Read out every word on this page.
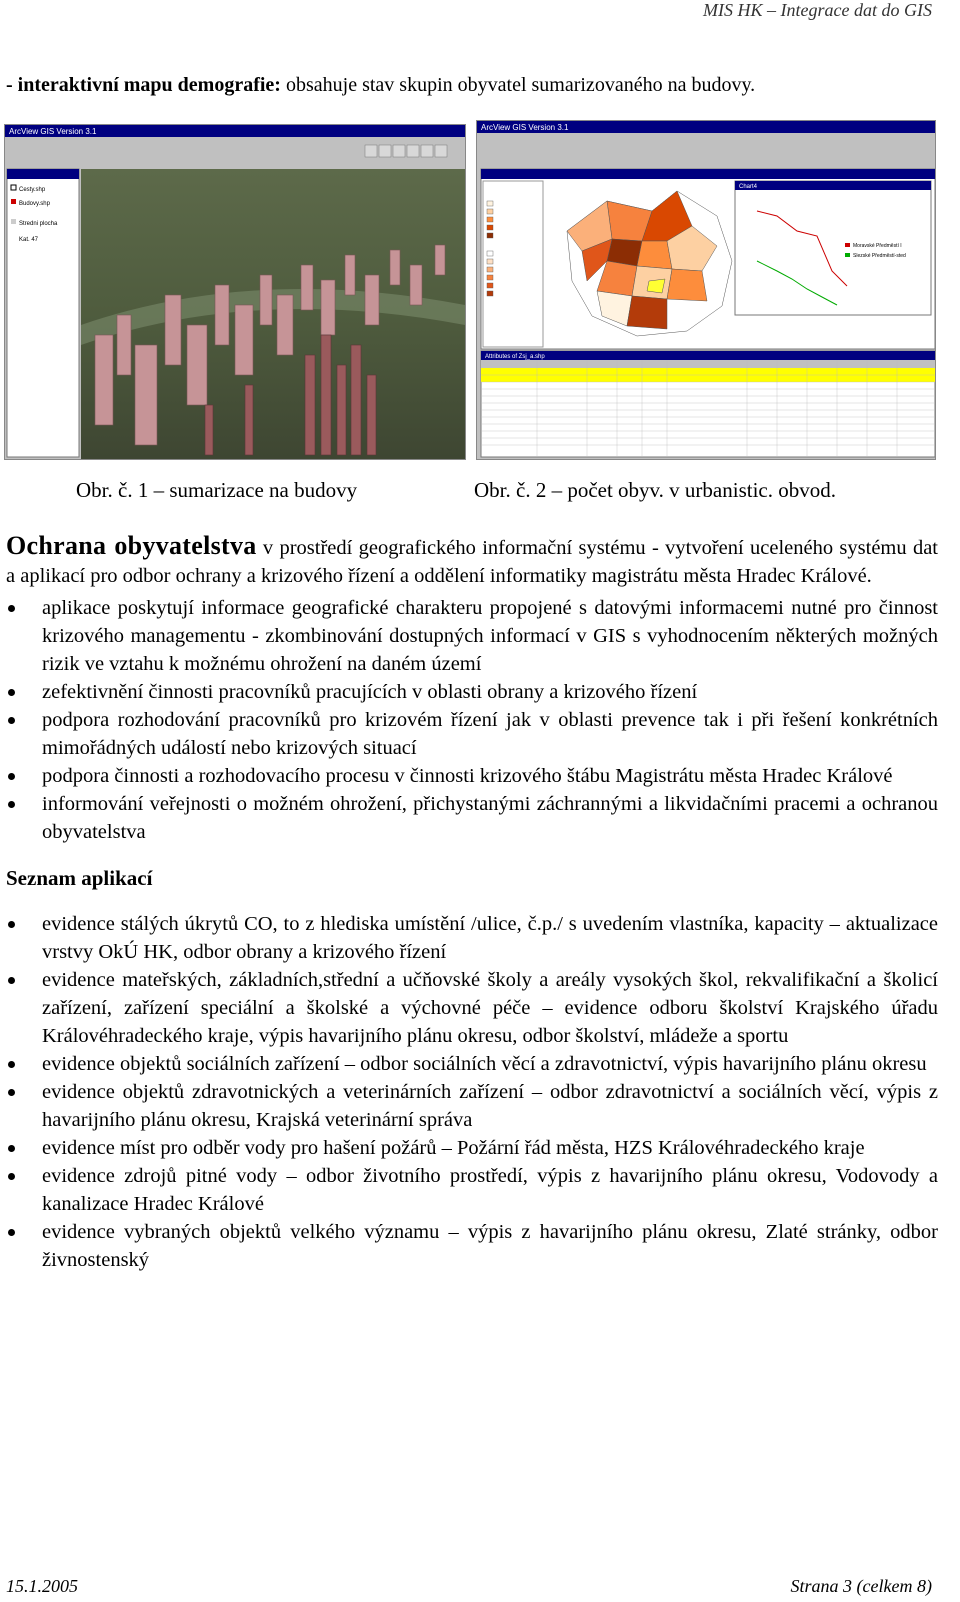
MIS HK – Integrace dat do GIS
- interaktivní mapu demografie: obsahuje stav skupin obyvatel sumarizovaného na budovy.
ArcView GIS Version 3.1
Cesty.shp
Budovy.shp
Stredni plocha
Kat. 47
ArcView GIS Version 3.1
Chart4
Moravské Předměstí I
Slezské Předměstí-sted
Attributes of Zsj_a.shp
Obr. č. 1 – sumarizace na budovy	Obr. č. 2 – počet obyv. v urbanistic. obvod.
Ochrana obyvatelstva v prostředí geografického informační systému - vytvoření uceleného systému dat a aplikací pro odbor ochrany a krizového řízení a oddělení informatiky magistrátu města Hradec Králové.
aplikace poskytují informace geografické charakteru propojené s datovými informacemi nutné pro činnost krizového managementu - zkombinování dostupných informací v GIS s vyhodnocením některých možných rizik ve vztahu k možnému ohrožení na daném území
zefektivnění činnosti pracovníků pracujících v oblasti obrany a krizového řízení
podpora rozhodování pracovníků pro krizovém řízení jak v oblasti prevence tak i při řešení konkrétních mimořádných událostí nebo krizových situací
podpora činnosti a rozhodovacího procesu v činnosti krizového štábu Magistrátu města Hradec Králové
informování veřejnosti o možném ohrožení, přichystanými záchrannými a likvidačními pracemi a ochranou obyvatelstva
Seznam aplikací
evidence stálých úkrytů CO, to z hlediska umístění /ulice, č.p./ s uvedením vlastníka, kapacity – aktualizace vrstvy OkÚ HK, odbor obrany a krizového řízení
evidence mateřských, základních,střední a učňovské školy a areály vysokých škol, rekvalifikační a školicí zařízení, zařízení speciální a školské a výchovné péče – evidence odboru školství Krajského úřadu Královéhradeckého kraje, výpis havarijního plánu okresu, odbor školství, mládeže a sportu
evidence objektů sociálních zařízení – odbor sociálních věcí a zdravotnictví, výpis havarijního plánu okresu
evidence objektů zdravotnických a veterinárních zařízení – odbor zdravotnictví a sociálních věcí, výpis z havarijního plánu okresu, Krajská veterinární správa
evidence míst pro odběr vody pro hašení požárů – Požární řád města, HZS Královéhradeckého kraje
evidence zdrojů pitné vody – odbor životního prostředí, výpis z havarijního plánu okresu, Vodovody a kanalizace Hradec Králové
evidence vybraných objektů velkého významu – výpis z havarijního plánu okresu, Zlaté stránky, odbor živnostenský
15.1.2005	Strana 3 (celkem 8)
